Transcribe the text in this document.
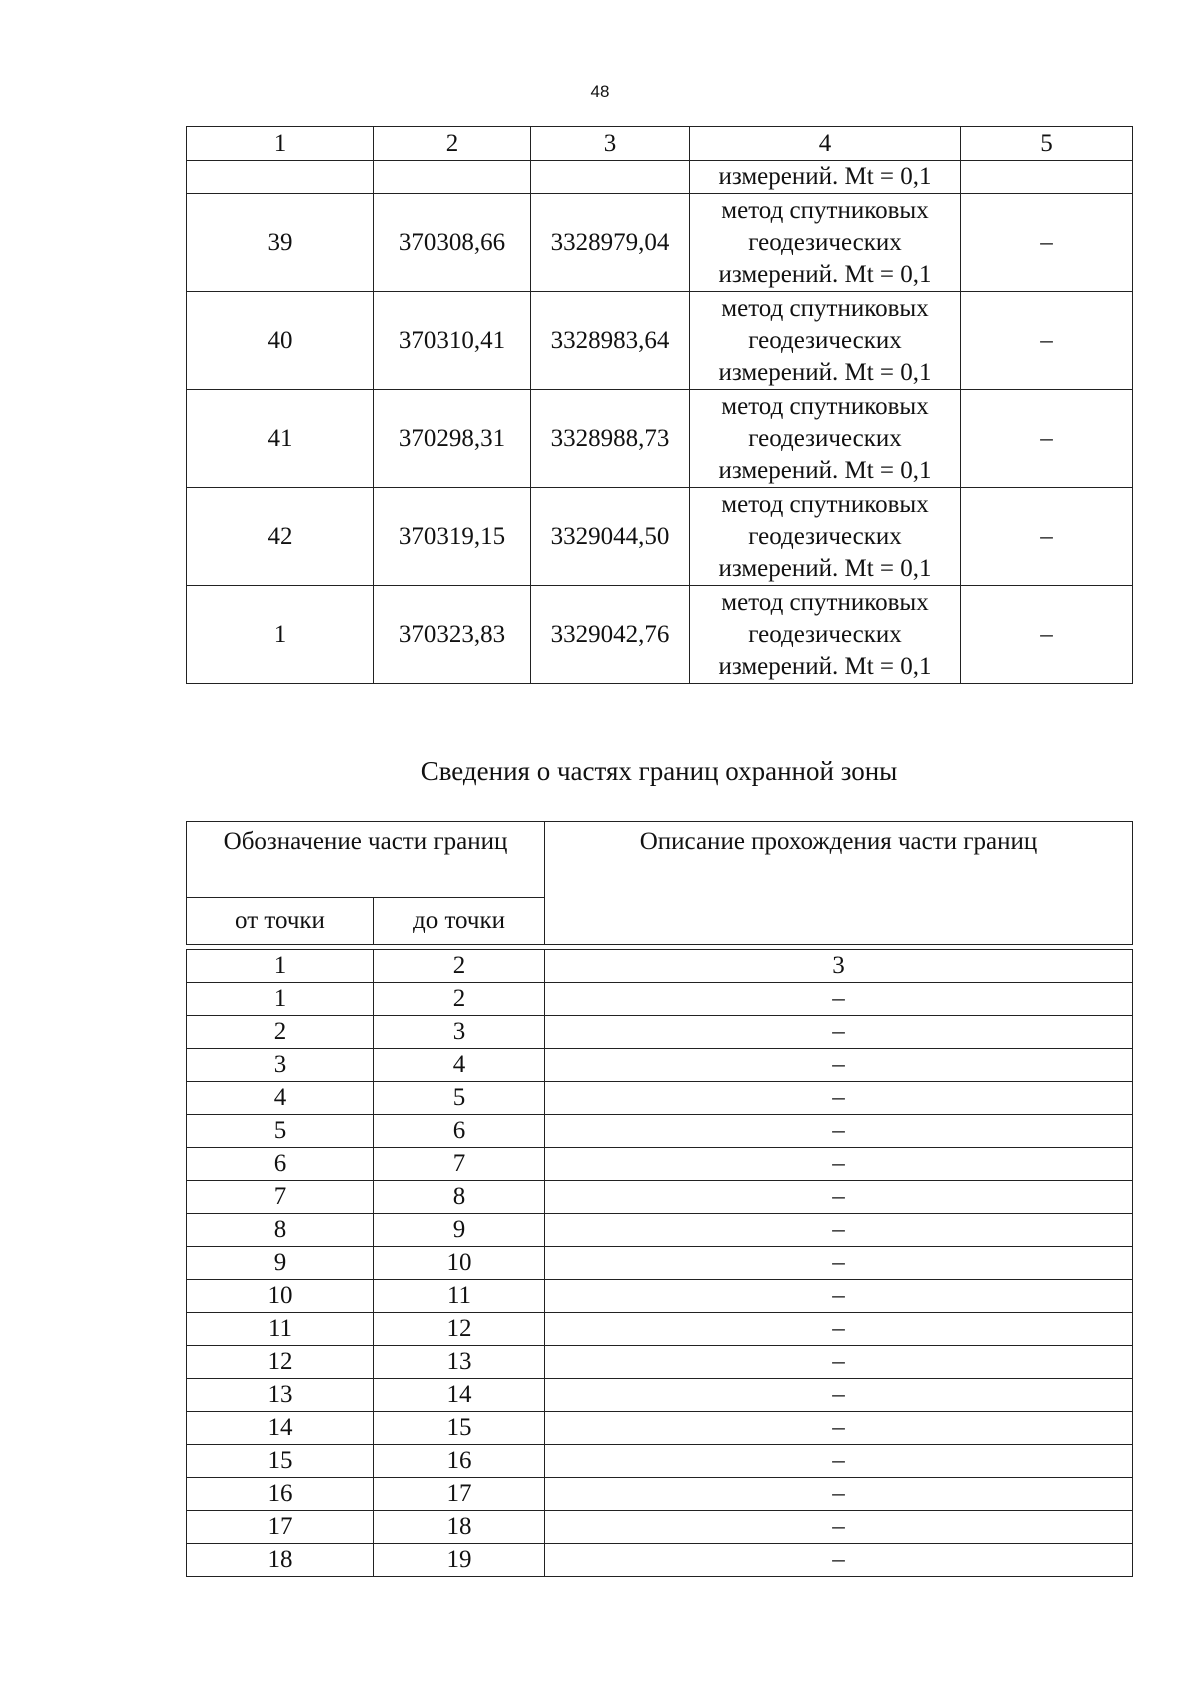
48
1	2	3	4	5
			измерений. Mt = 0,1	
39	370308,66	3328979,04	метод спутниковых
геодезических
измерений. Mt = 0,1	–
40	370310,41	3328983,64	метод спутниковых
геодезических
измерений. Mt = 0,1	–
41	370298,31	3328988,73	метод спутниковых
геодезических
измерений. Mt = 0,1	–
42	370319,15	3329044,50	метод спутниковых
геодезических
измерений. Mt = 0,1	–
1	370323,83	3329042,76	метод спутниковых
геодезических
измерений. Mt = 0,1	–
Сведения о частях границ охранной зоны
Обозначение части границ		Описание прохождения части границ
от точки	до точки	

1	2	3
1	2	–
2	3	–
3	4	–
4	5	–
5	6	–
6	7	–
7	8	–
8	9	–
9	10	–
10	11	–
11	12	–
12	13	–
13	14	–
14	15	–
15	16	–
16	17	–
17	18	–
18	19	–
